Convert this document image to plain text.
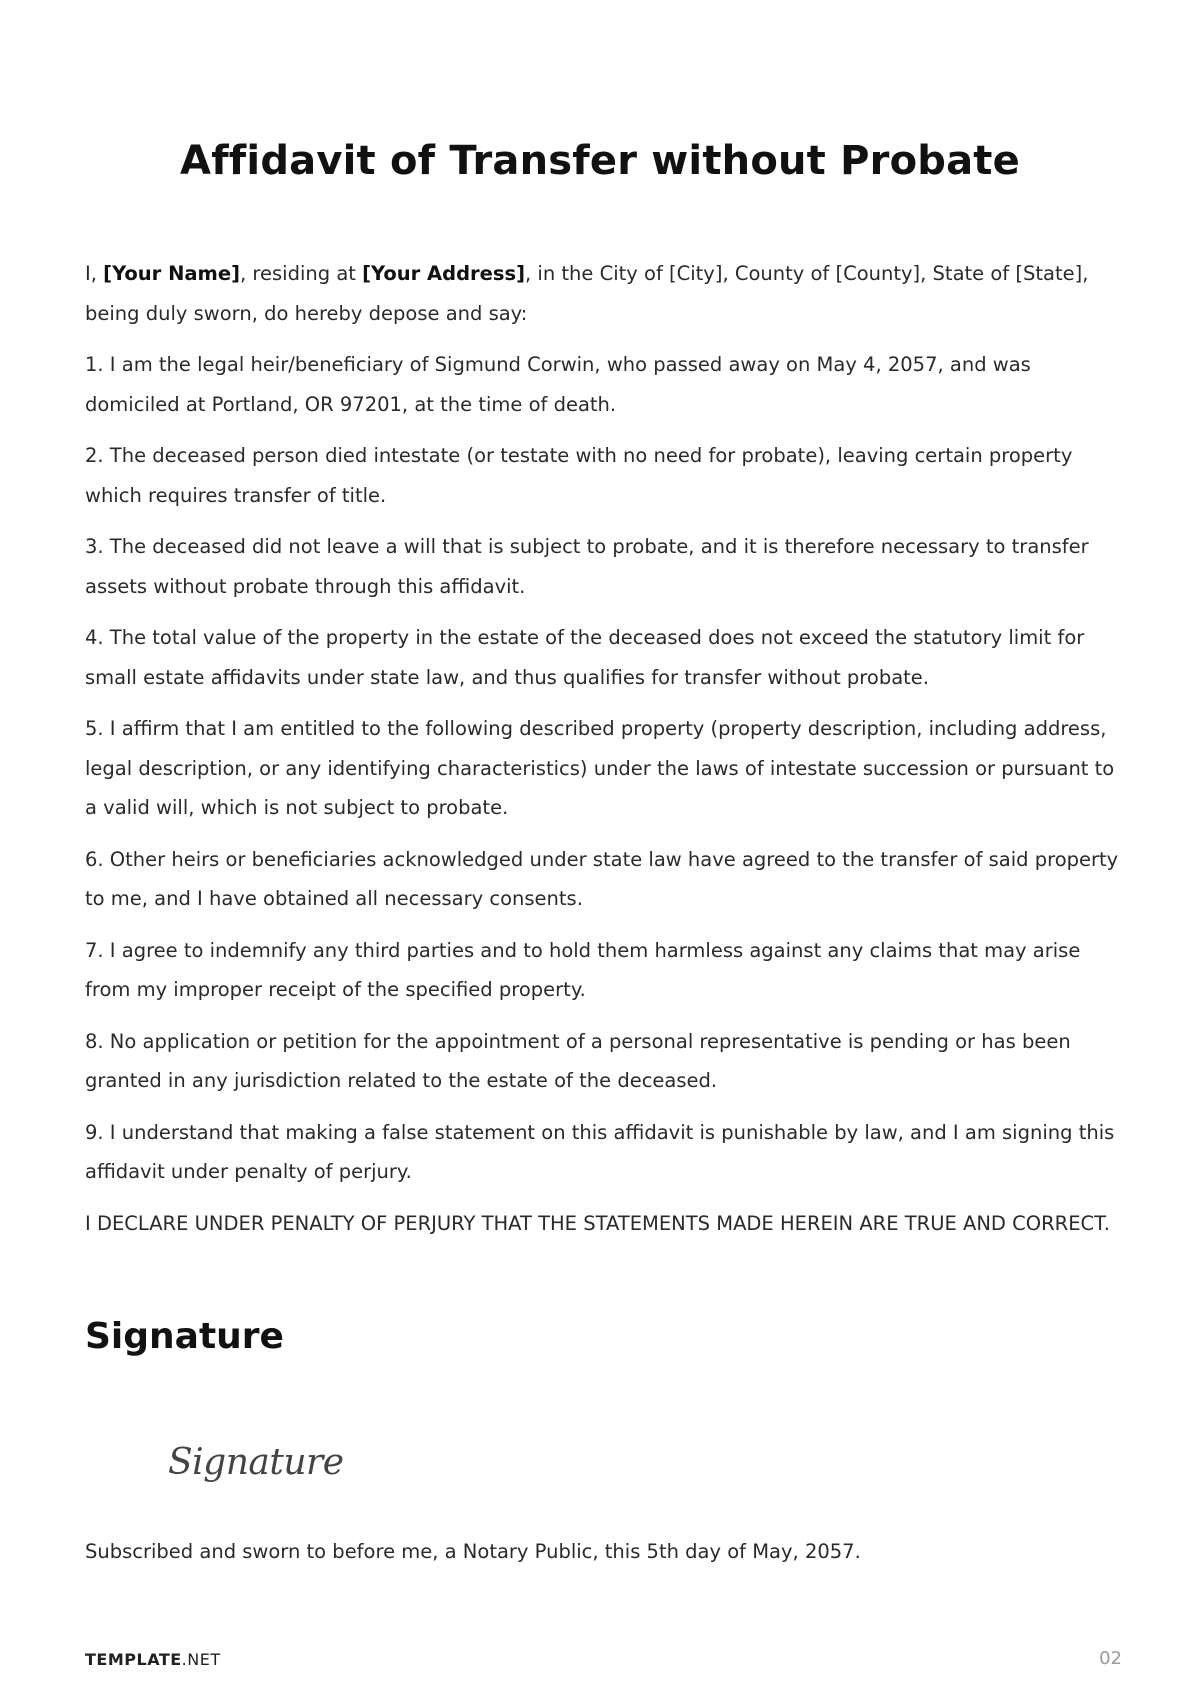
Affidavit of Transfer without Probate

I, [Your Name], residing at [Your Address], in the City of [City], County of [County], State of [State], being duly sworn, do hereby depose and say:

1. I am the legal heir/beneficiary of Sigmund Corwin, who passed away on May 4, 2057, and was domiciled at Portland, OR 97201, at the time of death.

2. The deceased person died intestate (or testate with no need for probate), leaving certain property which requires transfer of title.

3. The deceased did not leave a will that is subject to probate, and it is therefore necessary to transfer assets without probate through this affidavit.

4. The total value of the property in the estate of the deceased does not exceed the statutory limit for small estate affidavits under state law, and thus qualifies for transfer without probate.

5. I affirm that I am entitled to the following described property (property description, including address, legal description, or any identifying characteristics) under the laws of intestate succession or pursuant to a valid will, which is not subject to probate.

6. Other heirs or beneficiaries acknowledged under state law have agreed to the transfer of said property to me, and I have obtained all necessary consents.

7. I agree to indemnify any third parties and to hold them harmless against any claims that may arise from my improper receipt of the specified property.

8. No application or petition for the appointment of a personal representative is pending or has been granted in any jurisdiction related to the estate of the deceased.

9. I understand that making a false statement on this affidavit is punishable by law, and I am signing this affidavit under penalty of perjury.

I DECLARE UNDER PENALTY OF PERJURY THAT THE STATEMENTS MADE HEREIN ARE TRUE AND CORRECT.

Signature
Signature
Subscribed and sworn to before me, a Notary Public, this 5th day of May, 2057.
TEMPLATE.NET	02
